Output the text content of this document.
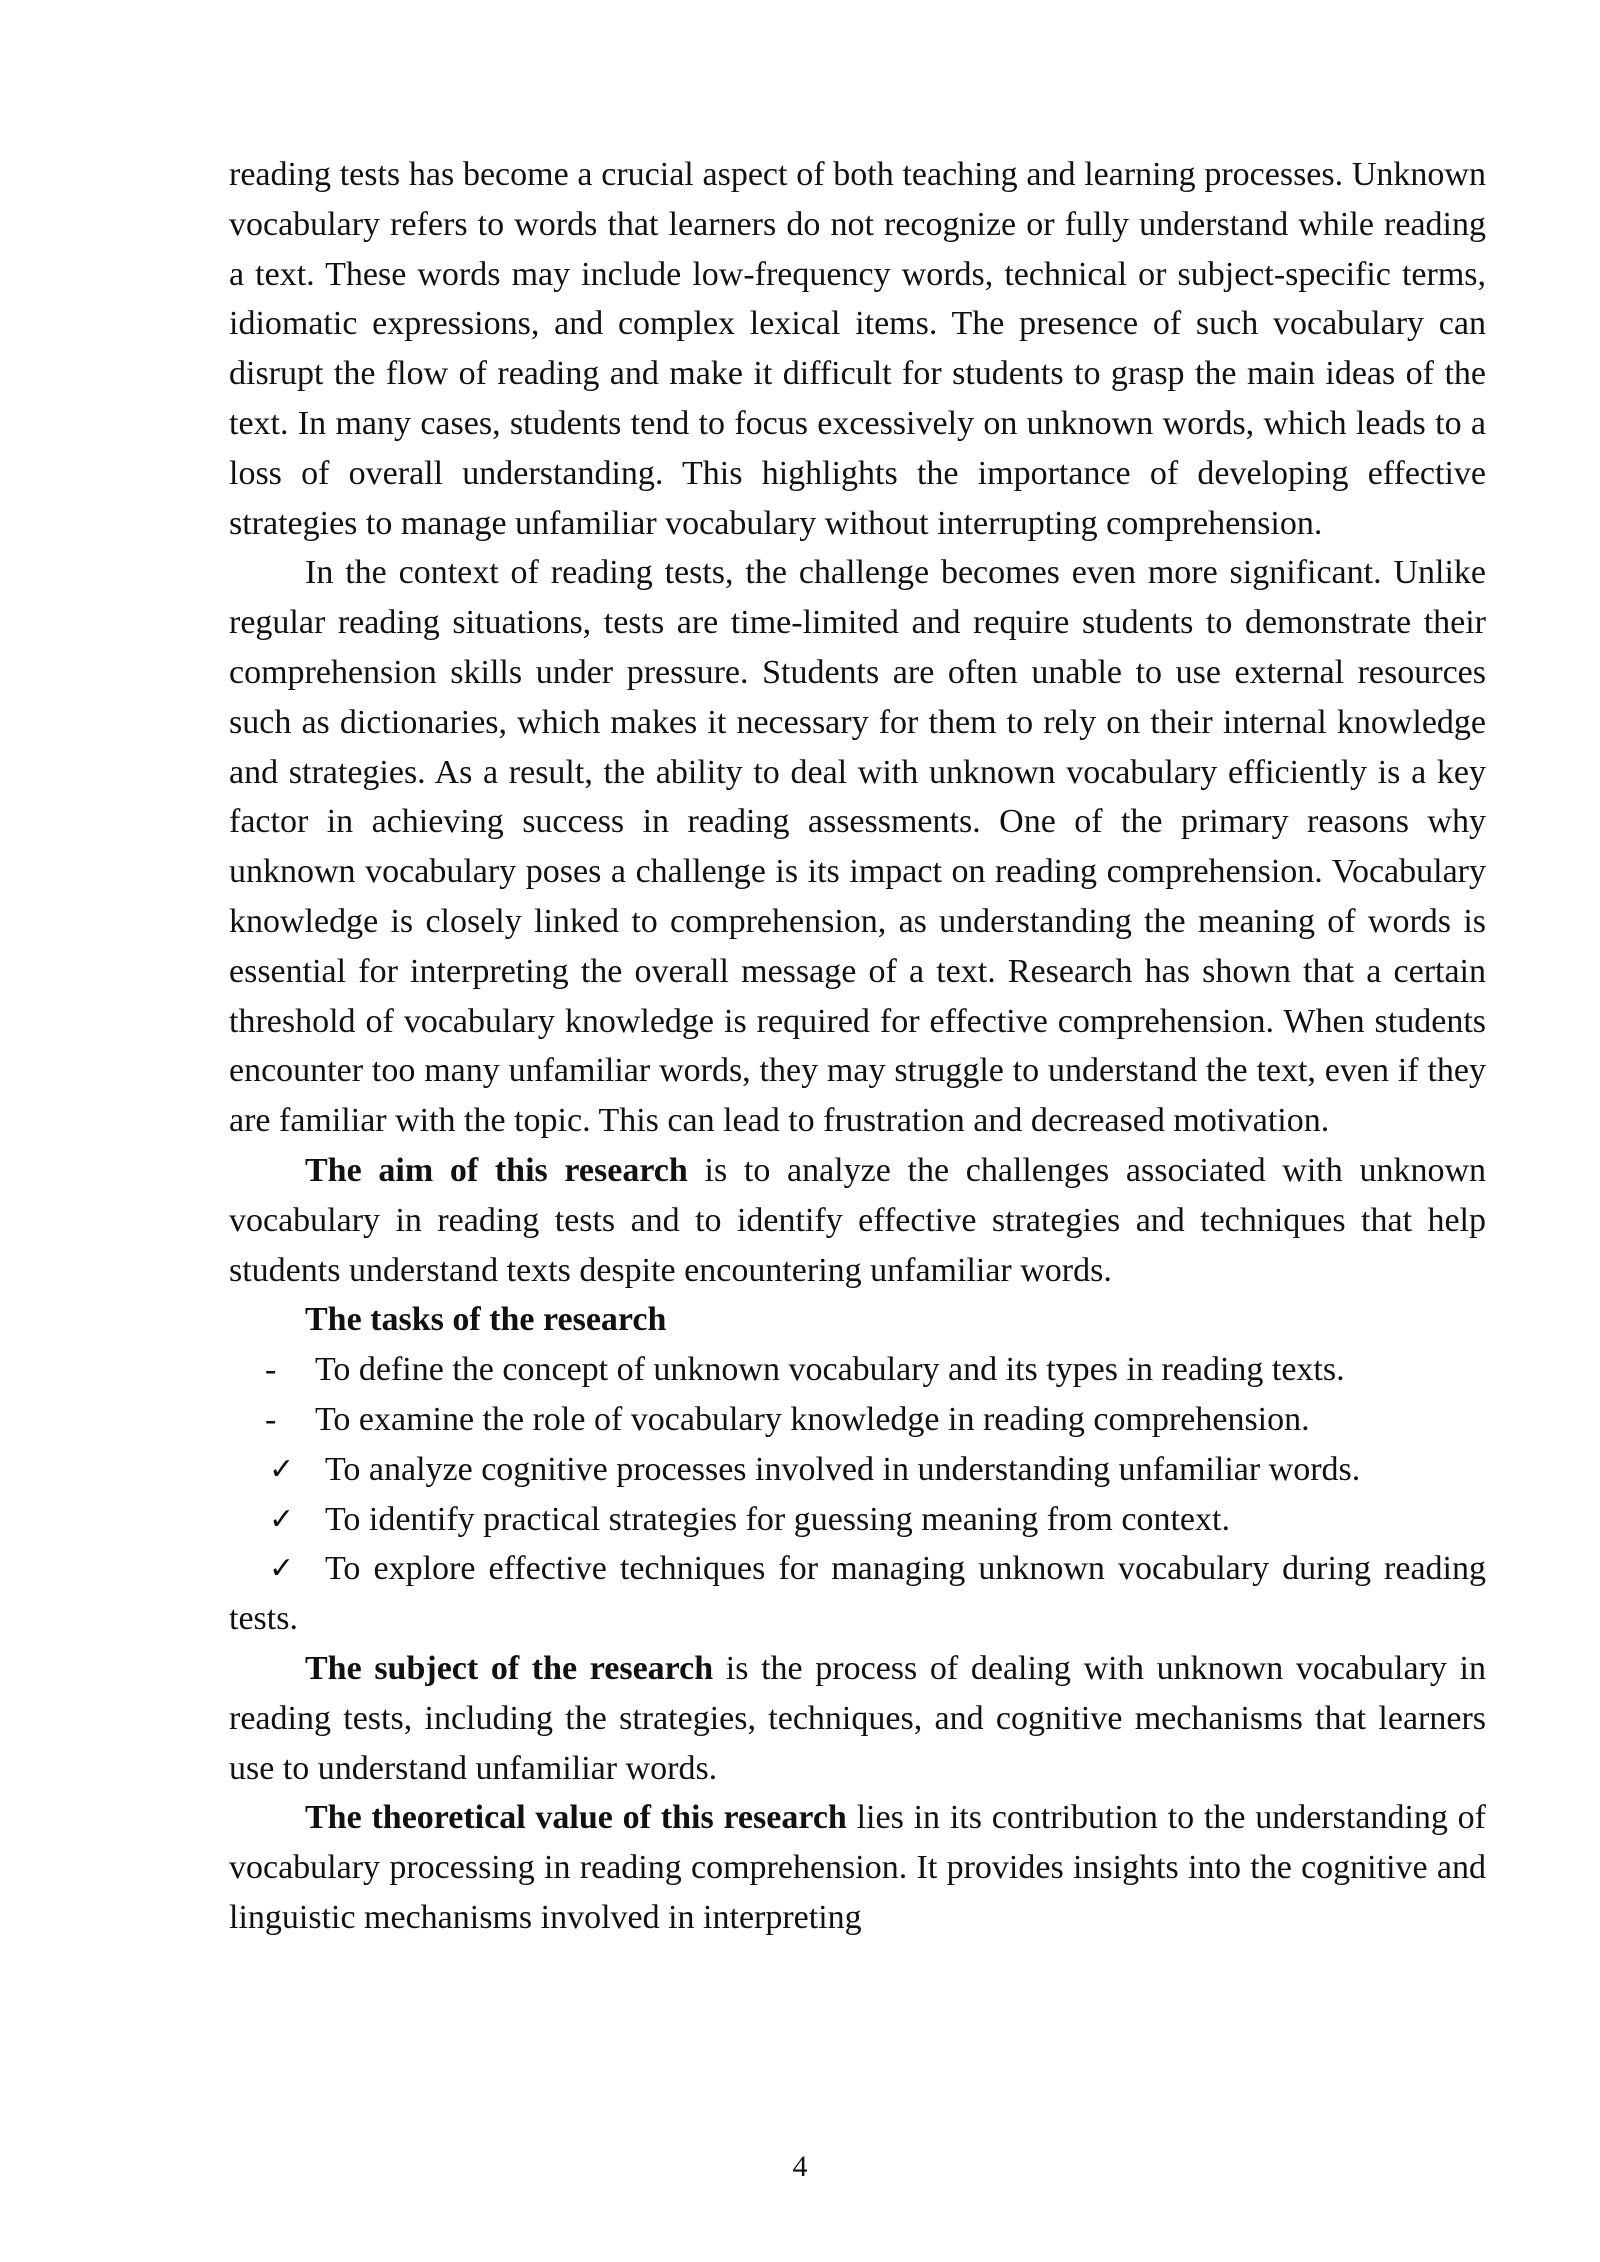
reading tests has become a crucial aspect of both teaching and learning processes. Unknown vocabulary refers to words that learners do not recognize or fully understand while reading a text. These words may include low-frequency words, technical or subject-specific terms, idiomatic expressions, and complex lexical items. The presence of such vocabulary can disrupt the flow of reading and make it difficult for students to grasp the main ideas of the text. In many cases, students tend to focus excessively on unknown words, which leads to a loss of overall understanding. This highlights the importance of developing effective strategies to manage unfamiliar vocabulary without interrupting comprehension.

In the context of reading tests, the challenge becomes even more significant. Unlike regular reading situations, tests are time-limited and require students to demonstrate their comprehension skills under pressure. Students are often unable to use external resources such as dictionaries, which makes it necessary for them to rely on their internal knowledge and strategies. As a result, the ability to deal with unknown vocabulary efficiently is a key factor in achieving success in reading assessments. One of the primary reasons why unknown vocabulary poses a challenge is its impact on reading comprehension. Vocabulary knowledge is closely linked to comprehension, as understanding the meaning of words is essential for interpreting the overall message of a text. Research has shown that a certain threshold of vocabulary knowledge is required for effective comprehension. When students encounter too many unfamiliar words, they may struggle to understand the text, even if they are familiar with the topic. This can lead to frustration and decreased motivation.

The aim of this research is to analyze the challenges associated with unknown vocabulary in reading tests and to identify effective strategies and techniques that help students understand texts despite encountering unfamiliar words.

The tasks of the research

- To define the concept of unknown vocabulary and its types in reading texts.

- To examine the role of vocabulary knowledge in reading comprehension.

✓ To analyze cognitive processes involved in understanding unfamiliar words.

✓ To identify practical strategies for guessing meaning from context.

✓ To explore effective techniques for managing unknown vocabulary during reading tests.

The subject of the research is the process of dealing with unknown vocabulary in reading tests, including the strategies, techniques, and cognitive mechanisms that learners use to understand unfamiliar words.

The theoretical value of this research lies in its contribution to the understanding of vocabulary processing in reading comprehension. It provides insights into the cognitive and linguistic mechanisms involved in interpreting

4
